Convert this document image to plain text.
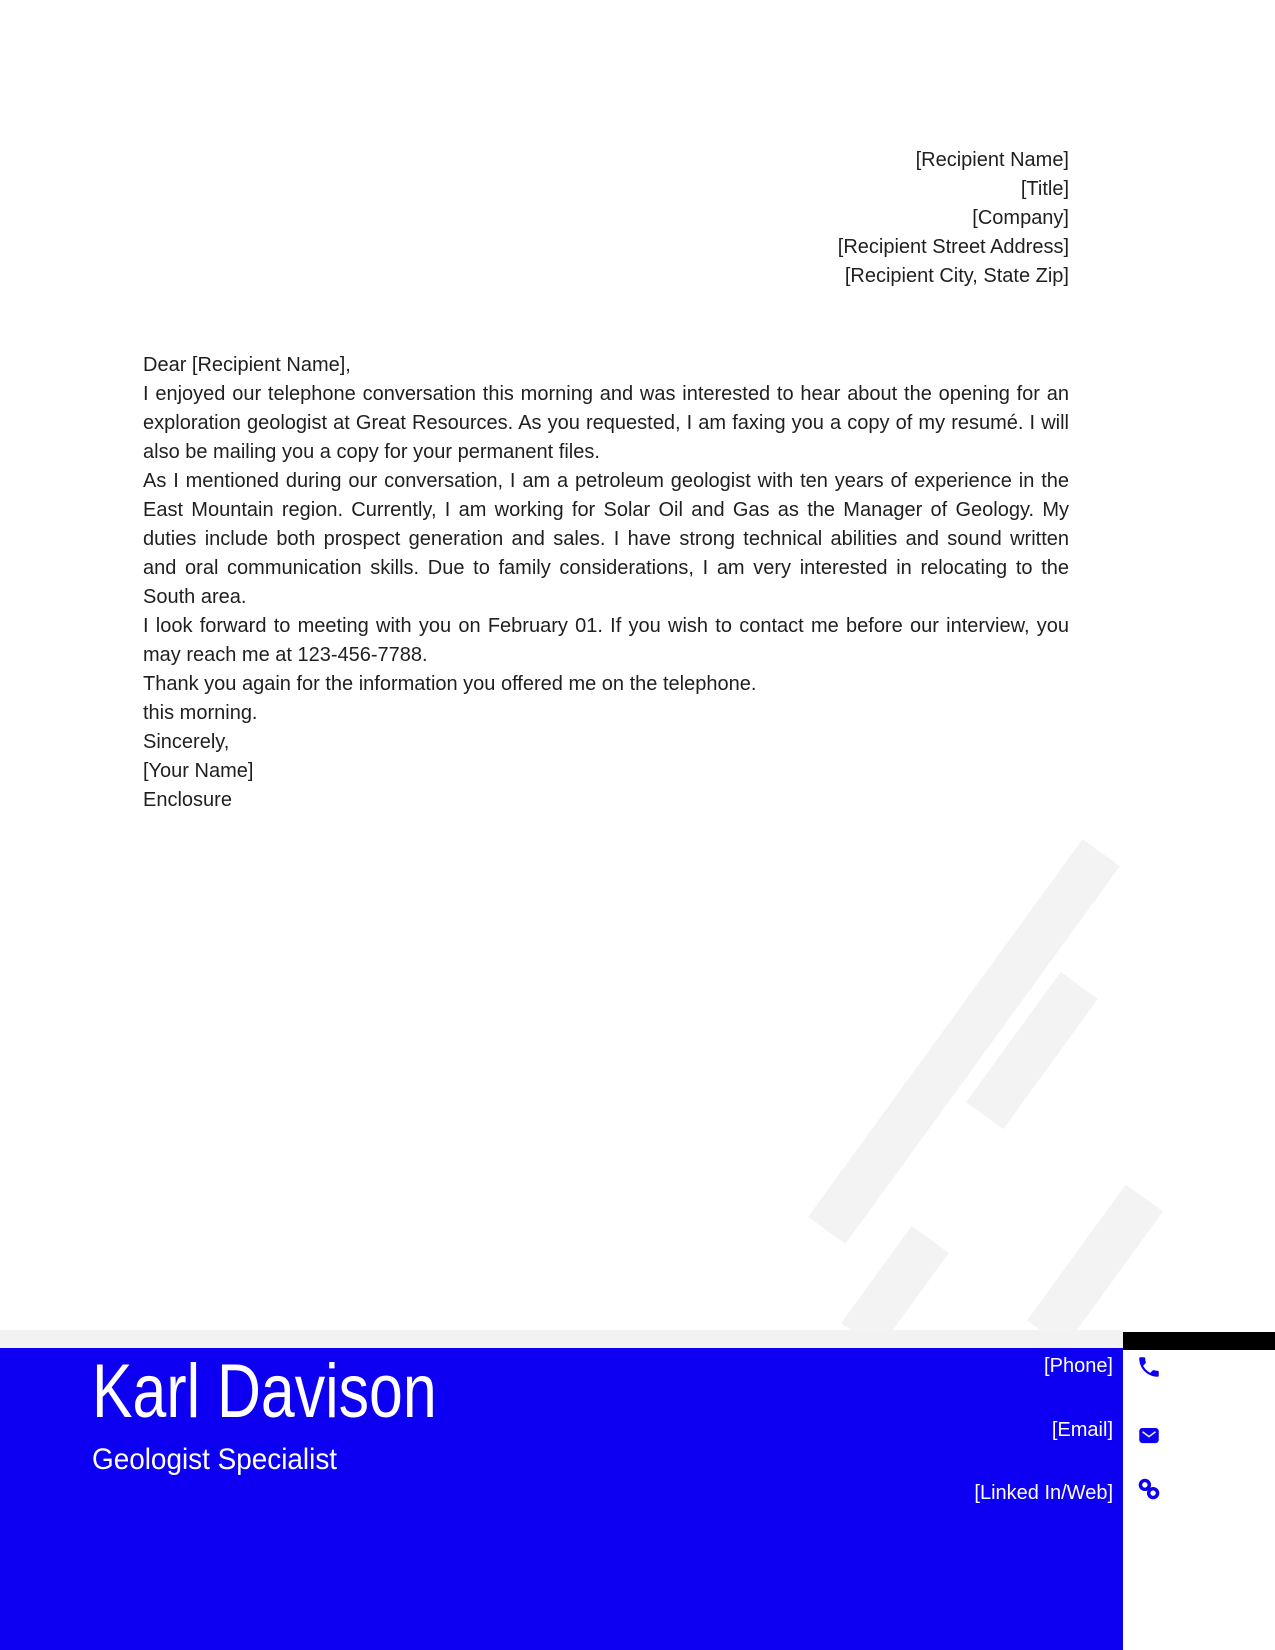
[Recipient Name]
[Title]
[Company]
[Recipient Street Address]
[Recipient City, State Zip]

Dear [Recipient Name],

I enjoyed our telephone conversation this morning and was interested to hear about the opening for an exploration geologist at Great Resources. As you requested, I am faxing you a copy of my resumé. I will also be mailing you a copy for your permanent files.

As I mentioned during our conversation, I am a petroleum geologist with ten years of experience in the East Mountain region. Currently, I am working for Solar Oil and Gas as the Manager of Geology. My duties include both prospect generation and sales. I have strong technical abilities and sound written and oral communication skills. Due to family considerations, I am very interested in relocating to the South area.

I look forward to meeting with you on February 01. If you wish to contact me before our interview, you may reach me at 123-456-7788.

Thank you again for the information you offered me on the telephone.

this morning.

Sincerely,

[Your Name]

Enclosure

Karl Davison
Geologist Specialist
[Phone]
[Email]
[Linked In/Web]
